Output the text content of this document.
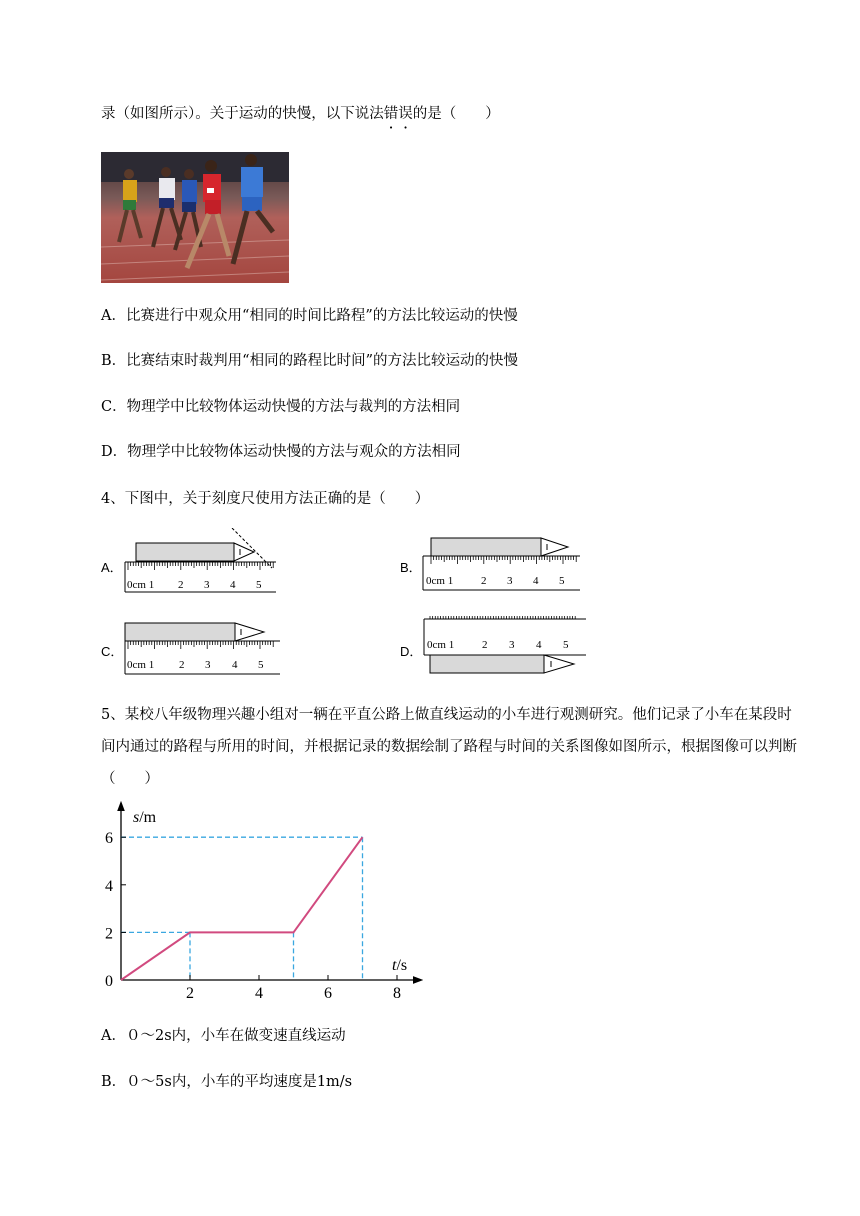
录（如图所示）。关于运动的快慢，以下说法错误的是（　　）
A．比赛进行中观众用“相同的时间比路程”的方法比较运动的快慢
B．比赛结束时裁判用“相同的路程比时间”的方法比较运动的快慢
C．物理学中比较物体运动快慢的方法与裁判的方法相同
D．物理学中比较物体运动快慢的方法与观众的方法相同
4、下图中，关于刻度尺使用方法正确的是（　　）
A．	B．
C．	D．
0cm 1 2 3 4 5	0cm 1	2 3 4 5
0cm 1 2 3 4 5
0cm 1	2 3 4 5
5、某校八年级物理兴趣小组对一辆在平直公路上做直线运动的小车进行观测研究。他们记录了小车在某段时间内通过的路程与所用的时间，并根据记录的数据绘制了路程与时间的关系图像如图所示，根据图像可以判断（　　）
2	4	6	8
0
2
4
6
s/m
t/s
A．０～2s内，小车在做变速直线运动
B．０～5s内，小车的平均速度是1m/s
